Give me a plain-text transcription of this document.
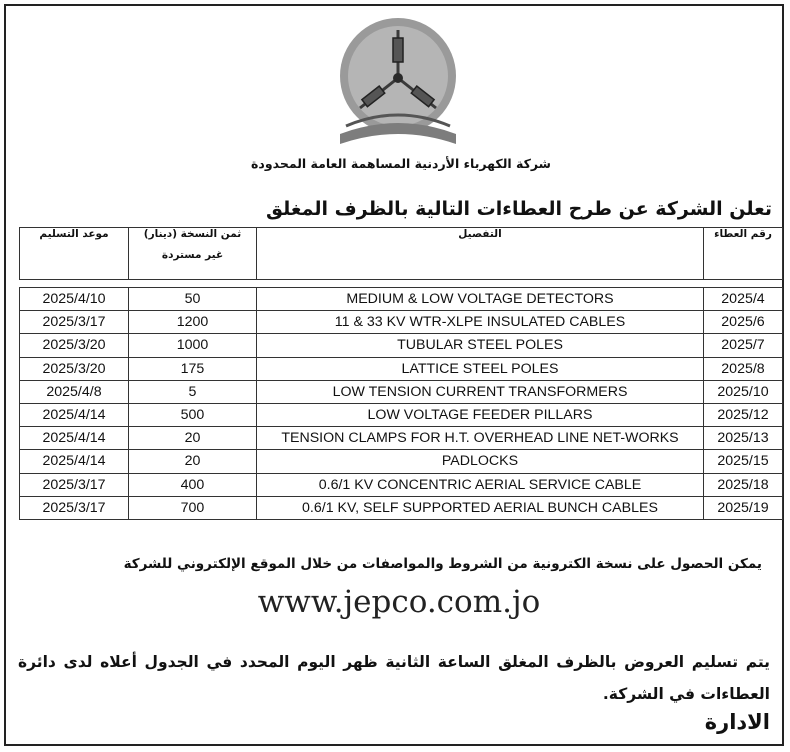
شركة الكهرباء الأردنية المساهمة العامة المحدودة
تعلن الشركة عن طرح العطاءات التالية بالظرف المغلق
موعد التسليم	ثمن النسخة (دينار)
غير مستردة
	التفصيل	رقم العطاء
2025/4/10	50	MEDIUM & LOW VOLTAGE DETECTORS	2025/4
2025/3/17	1200	11 & 33 KV WTR-XLPE INSULATED CABLES	2025/6
2025/3/20	1000	TUBULAR STEEL POLES	2025/7
2025/3/20	175	LATTICE STEEL POLES	2025/8
2025/4/8	5	LOW TENSION CURRENT TRANSFORMERS	2025/10
2025/4/14	500	LOW VOLTAGE FEEDER PILLARS	2025/12
2025/4/14	20	TENSION CLAMPS FOR H.T. OVERHEAD LINE NET-WORKS	2025/13
2025/4/14	20	PADLOCKS	2025/15
2025/3/17	400	0.6/1 KV CONCENTRIC AERIAL SERVICE CABLE	2025/18
2025/3/17	700	0.6/1 KV, SELF SUPPORTED AERIAL BUNCH CABLES	2025/19
يمكن الحصول على نسخة الكترونية من الشروط والمواصفات من خلال الموقع الإلكتروني للشركة
www.jepco.com.jo
يتم تسليم العروض بالظرف المغلق الساعة الثانية ظهر اليوم المحدد في الجدول أعلاه لدى دائرة العطاءات في الشركة.
الادارة
